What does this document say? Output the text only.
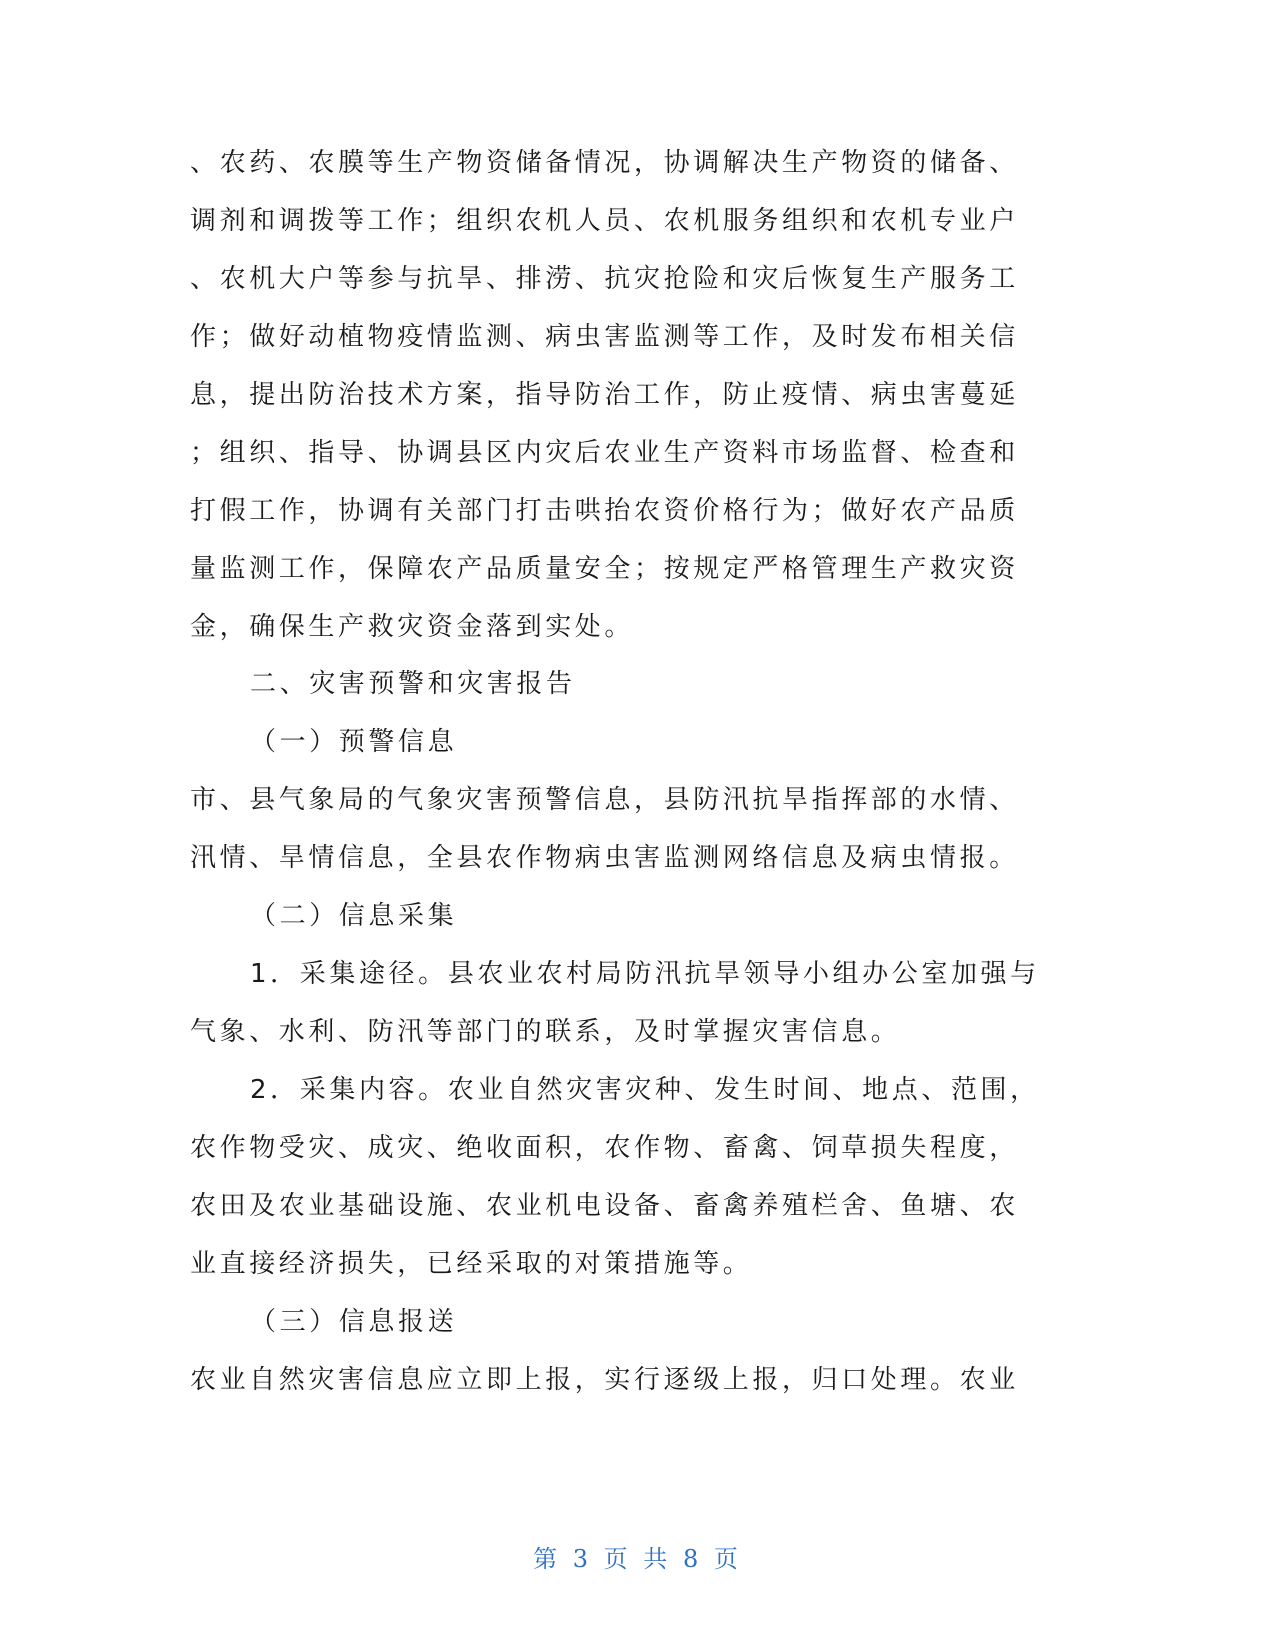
、农药、农膜等生产物资储备情况，协调解决生产物资的储备、
调剂和调拨等工作；组织农机人员、农机服务组织和农机专业户
、农机大户等参与抗旱、排涝、抗灾抢险和灾后恢复生产服务工
作；做好动植物疫情监测、病虫害监测等工作，及时发布相关信
息，提出防治技术方案，指导防治工作，防止疫情、病虫害蔓延
；组织、指导、协调县区内灾后农业生产资料市场监督、检查和
打假工作，协调有关部门打击哄抬农资价格行为；做好农产品质
量监测工作，保障农产品质量安全；按规定严格管理生产救灾资
金，确保生产救灾资金落到实处。
二、灾害预警和灾害报告
（一）预警信息
市、县气象局的气象灾害预警信息，县防汛抗旱指挥部的水情、
汛情、旱情信息，全县农作物病虫害监测网络信息及病虫情报。
（二）信息采集
1．采集途径。县农业农村局防汛抗旱领导小组办公室加强与
气象、水利、防汛等部门的联系，及时掌握灾害信息。
2．采集内容。农业自然灾害灾种、发生时间、地点、范围，
农作物受灾、成灾、绝收面积，农作物、畜禽、饲草损失程度，
农田及农业基础设施、农业机电设备、畜禽养殖栏舍、鱼塘、农
业直接经济损失，已经采取的对策措施等。
（三）信息报送
农业自然灾害信息应立即上报，实行逐级上报，归口处理。农业
第 3 页 共 8 页
